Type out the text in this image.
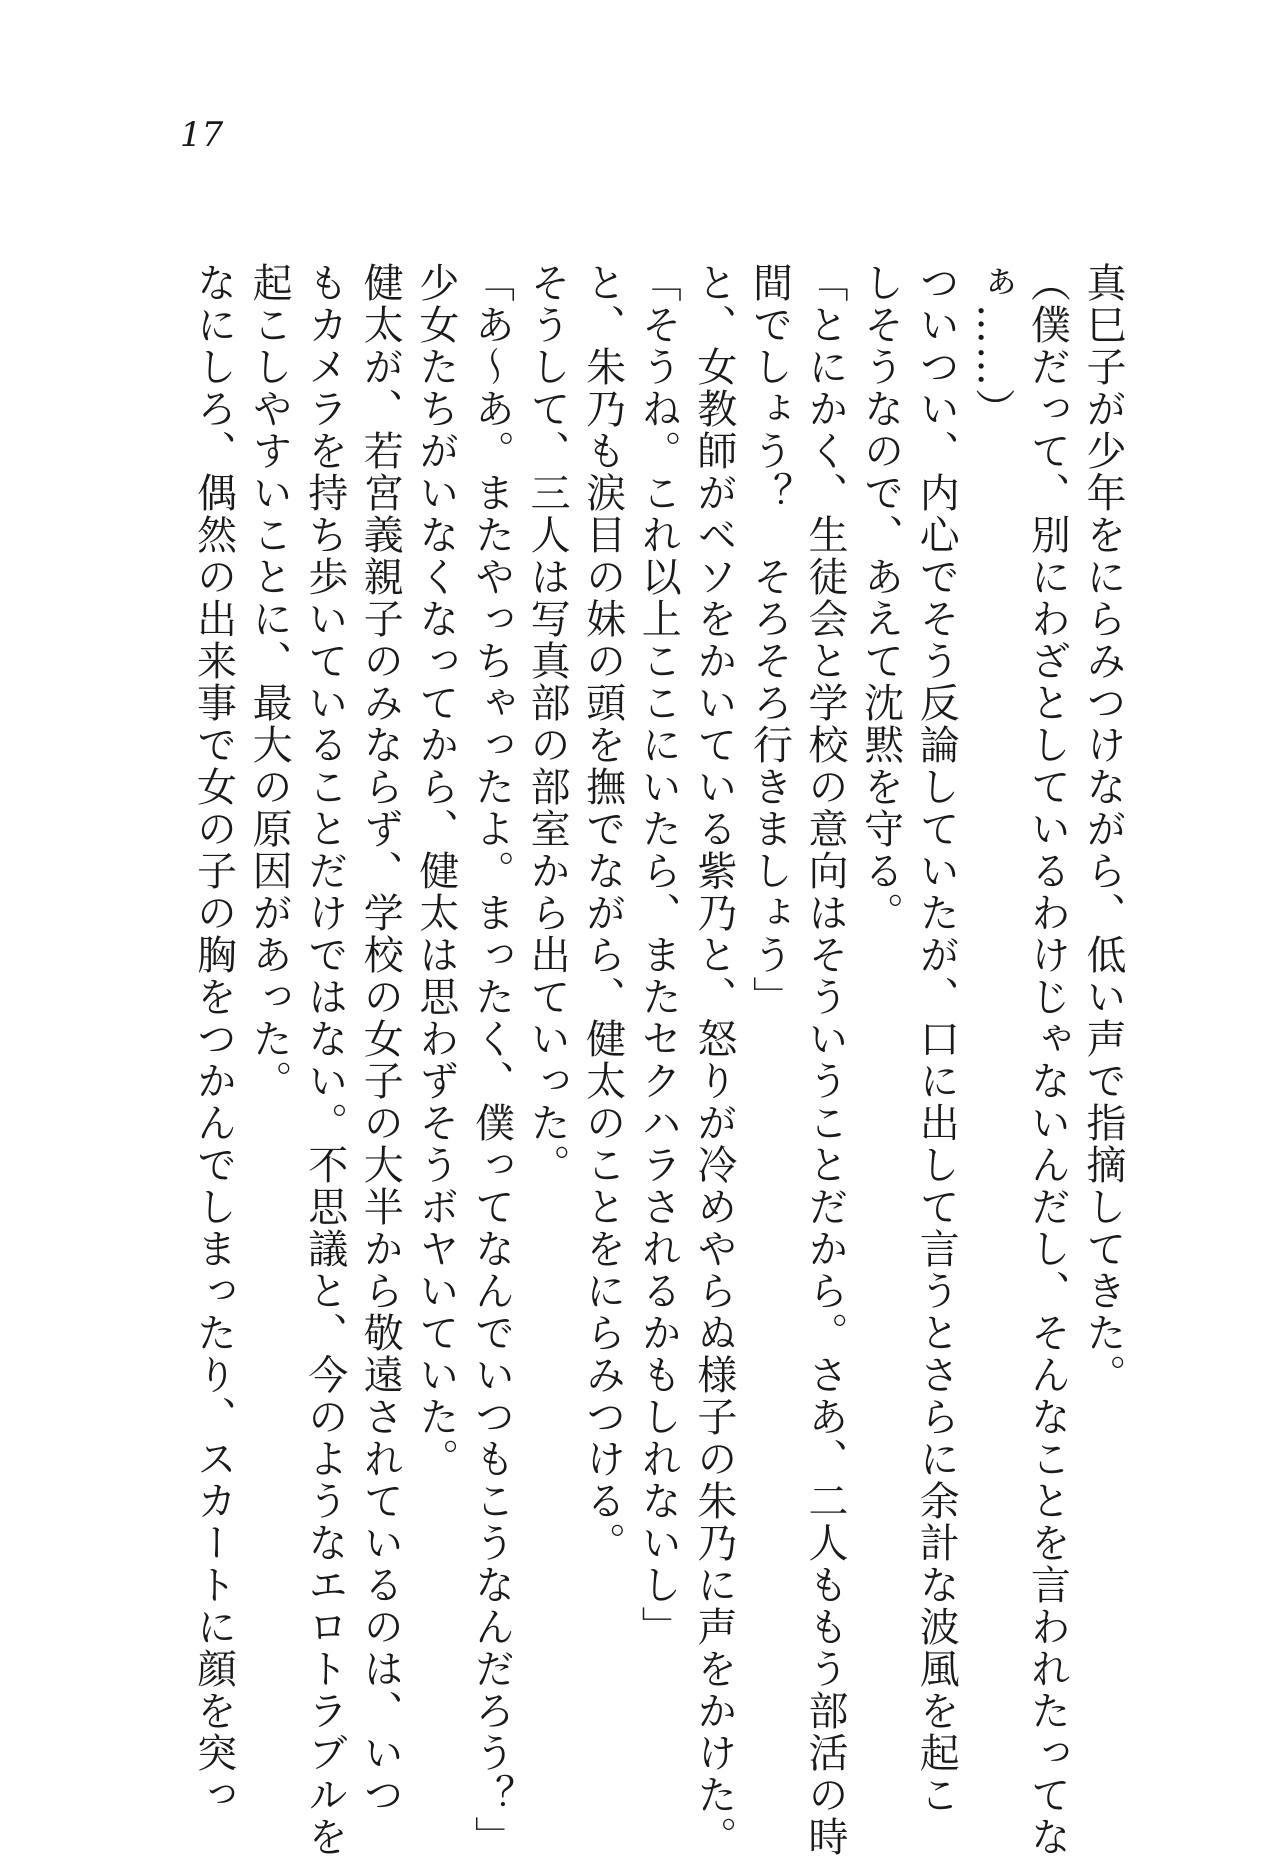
17
真巳子が少年をにらみつけながら、低い声で指摘してきた。
（僕だって、別にわざとしているわけじゃないんだし、そんなことを言われたってな
ぁ……）
ついつい、内心でそう反論していたが、口に出して言うとさらに余計な波風を起こ
しそうなので、あえて沈黙を守る。
「とにかく、生徒会と学校の意向はそういうことだから。さあ、二人ももう部活の時
間でしょう？　そろそろ行きましょう」
と、女教師がベソをかいている紫乃と、怒りが冷めやらぬ様子の朱乃に声をかけた。
「そうね。これ以上ここにいたら、またセクハラされるかもしれないし」
と、朱乃も涙目の妹の頭を撫でながら、健太のことをにらみつける。
そうして、三人は写真部の部室から出ていった。
「あ～あ。またやっちゃったよ。まったく、僕ってなんでいつもこうなんだろう？」
少女たちがいなくなってから、健太は思わずそうボヤいていた。
健太が、若宮義親子のみならず、学校の女子の大半から敬遠されているのは、いつ
もカメラを持ち歩いていることだけではない。不思議と、今のようなエロトラブルを
起こしやすいことに、最大の原因があった。
なにしろ、偶然の出来事で女の子の胸をつかんでしまったり、スカートに顔を突っ
